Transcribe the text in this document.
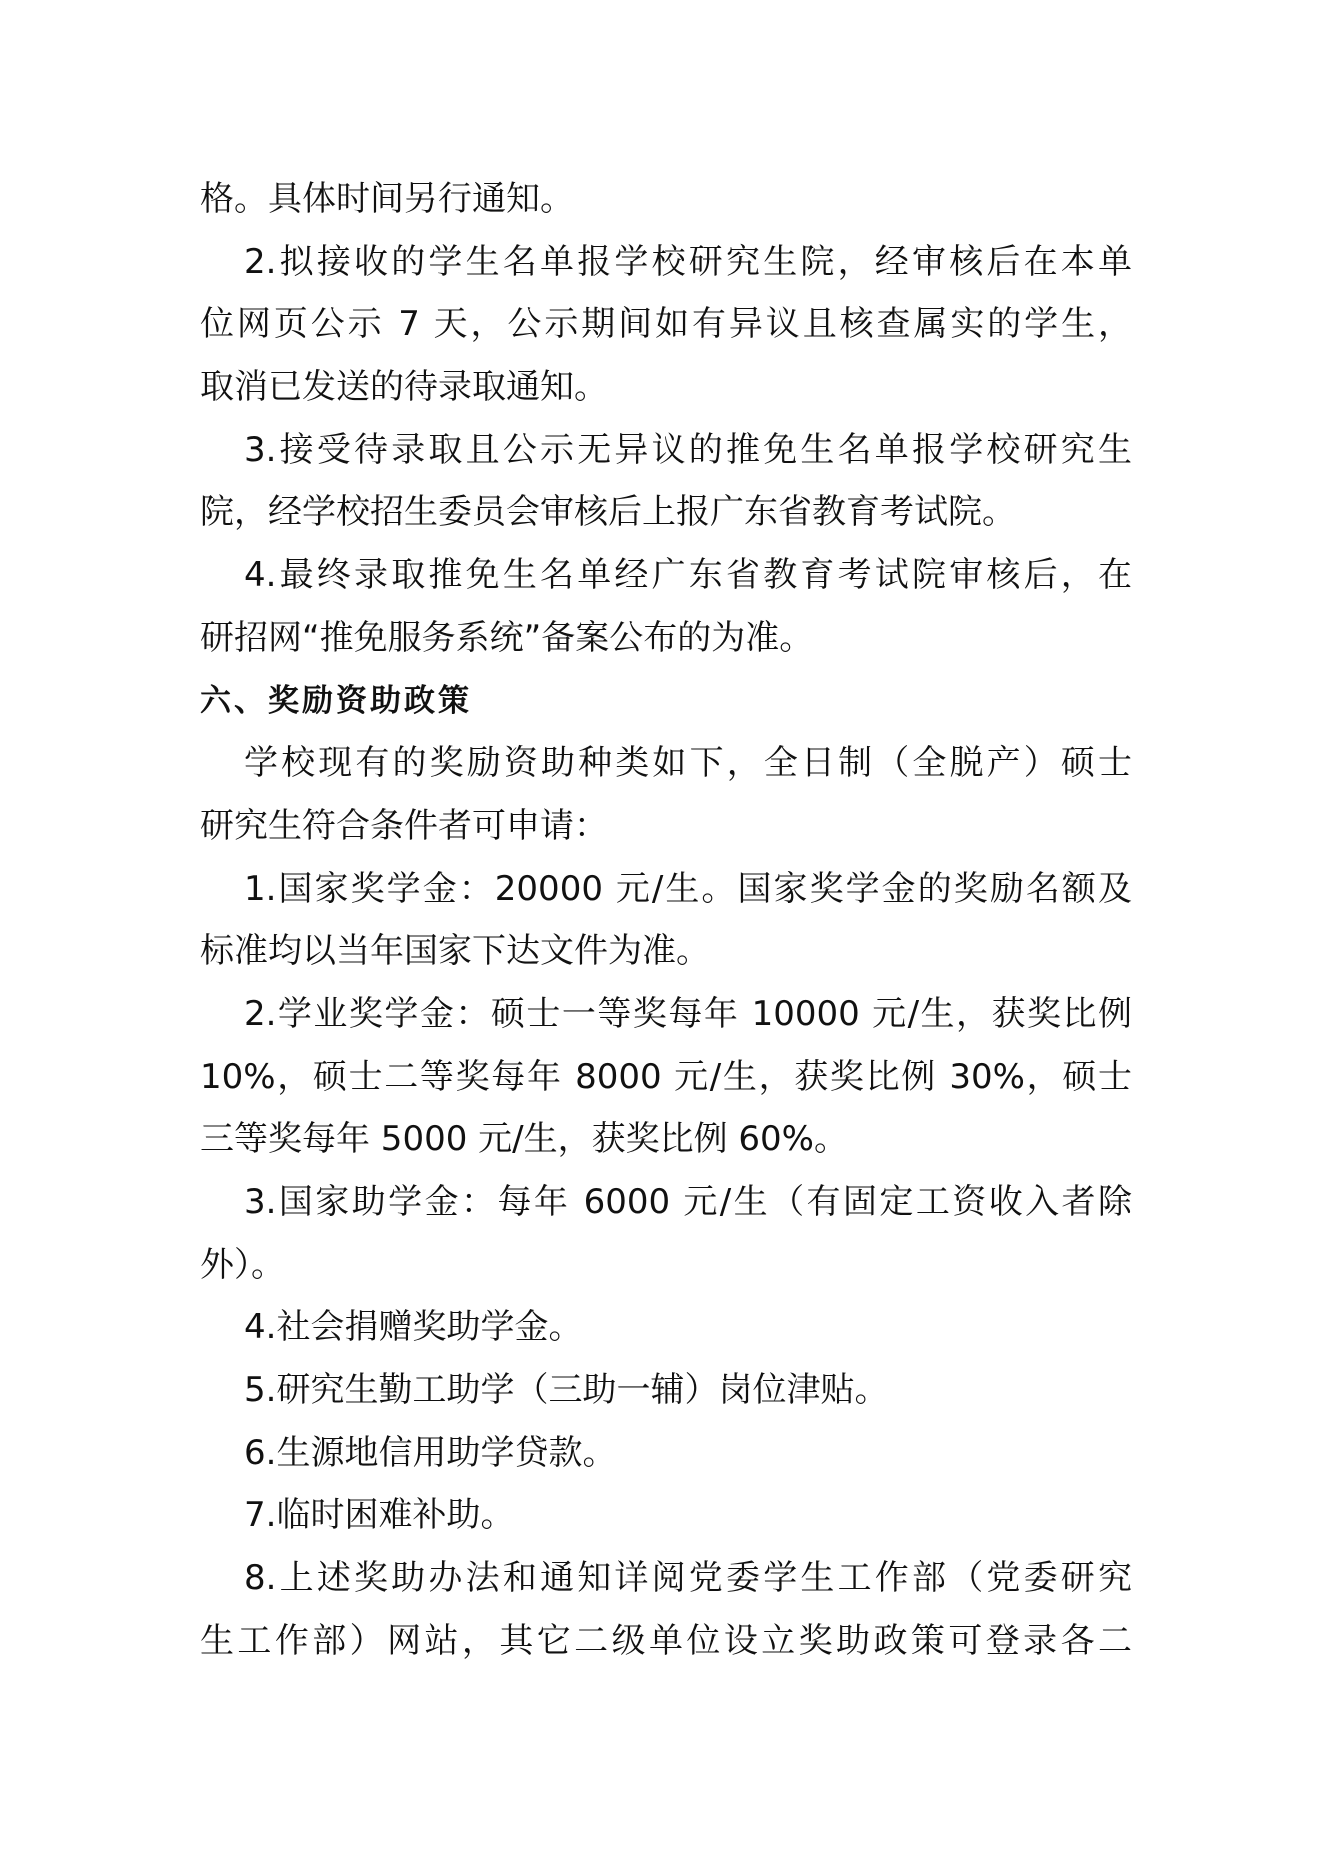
格。具体时间另行通知。
2.拟接收的学生名单报学校研究生院，经审核后在本单
位网页公示 7 天，公示期间如有异议且核查属实的学生，
取消已发送的待录取通知。
3.接受待录取且公示无异议的推免生名单报学校研究生
院，经学校招生委员会审核后上报广东省教育考试院。
4.最终录取推免生名单经广东省教育考试院审核后，在
研招网“推免服务系统”备案公布的为准。
六、奖励资助政策
学校现有的奖励资助种类如下，全日制（全脱产）硕士
研究生符合条件者可申请：
1.国家奖学金：20000 元/生。国家奖学金的奖励名额及
标准均以当年国家下达文件为准。
2.学业奖学金：硕士一等奖每年 10000 元/生，获奖比例
10%，硕士二等奖每年 8000 元/生，获奖比例 30%，硕士
三等奖每年 5000 元/生，获奖比例 60%。
3.国家助学金：每年 6000 元/生（有固定工资收入者除
外）。
4.社会捐赠奖助学金。
5.研究生勤工助学（三助一辅）岗位津贴。
6.生源地信用助学贷款。
7.临时困难补助。
8.上述奖助办法和通知详阅党委学生工作部（党委研究
生工作部）网站，其它二级单位设立奖助政策可登录各二
